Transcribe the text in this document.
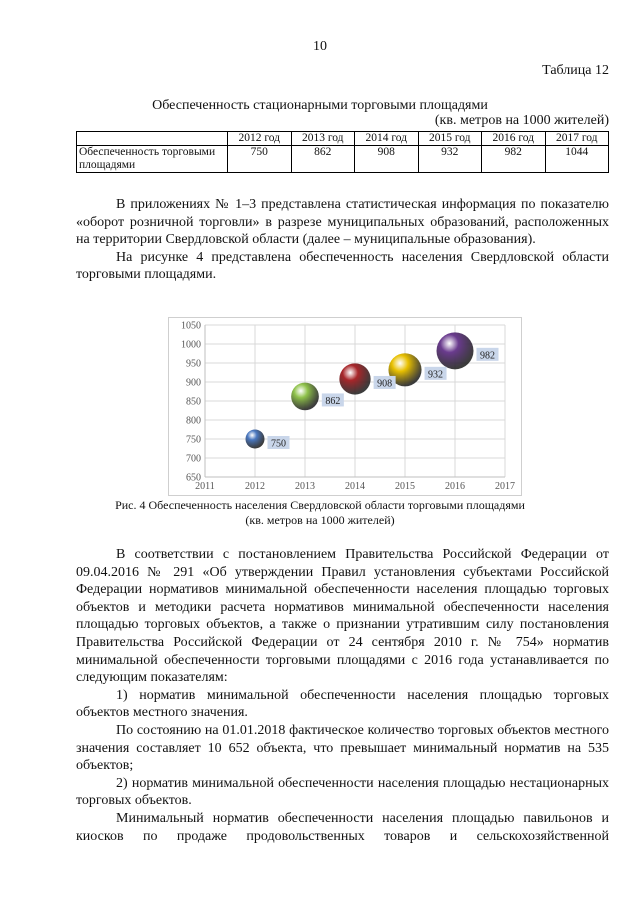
10
Таблица 12
Обеспеченность стационарными торговыми площадями
(кв. метров на 1000 жителей)
	2012 год	2013 год	2014 год	2015 год	2016 год	2017 год
Обеспеченность торговыми площадями	750	862	908	932	982	1044

В приложениях № 1–3 представлена статистическая информация по показателю «оборот розничной торговли» в разрезе муниципальных образований, расположенных на территории Свердловской области (далее – муниципальные образования).

На рисунке 4 представлена обеспеченность населения Свердловской области торговыми площадями.

650
700
750
800
850
900
950
1000
1050
2011	2012	2013	2014	2015	2016	2017
750
862
908
932
982
Рис. 4 Обеспеченность населения Свердловской области торговыми площадями
(кв. метров на 1000 жителей)

В соответствии с постановлением Правительства Российской Федерации от 09.04.2016 № 291 «Об утверждении Правил установления субъектами Российской Федерации нормативов минимальной обеспеченности населения площадью торговых объектов и методики расчета нормативов минимальной обеспеченности населения площадью торговых объектов, а также о признании утратившим силу постановления Правительства Российской Федерации от 24 сентября 2010 г. № 754» норматив минимальной обеспеченности торговыми площадями с 2016 года устанавливается по следующим показателям:

1) норматив минимальной обеспеченности населения площадью торговых объектов местного значения.

По состоянию на 01.01.2018 фактическое количество торговых объектов местного значения составляет 10 652 объекта, что превышает минимальный норматив на 535 объектов;

2) норматив минимальной обеспеченности населения площадью нестационарных торговых объектов.

Минимальный норматив обеспеченности населения площадью павильонов и киосков по продаже продовольственных товаров и сельскохозяйственной
